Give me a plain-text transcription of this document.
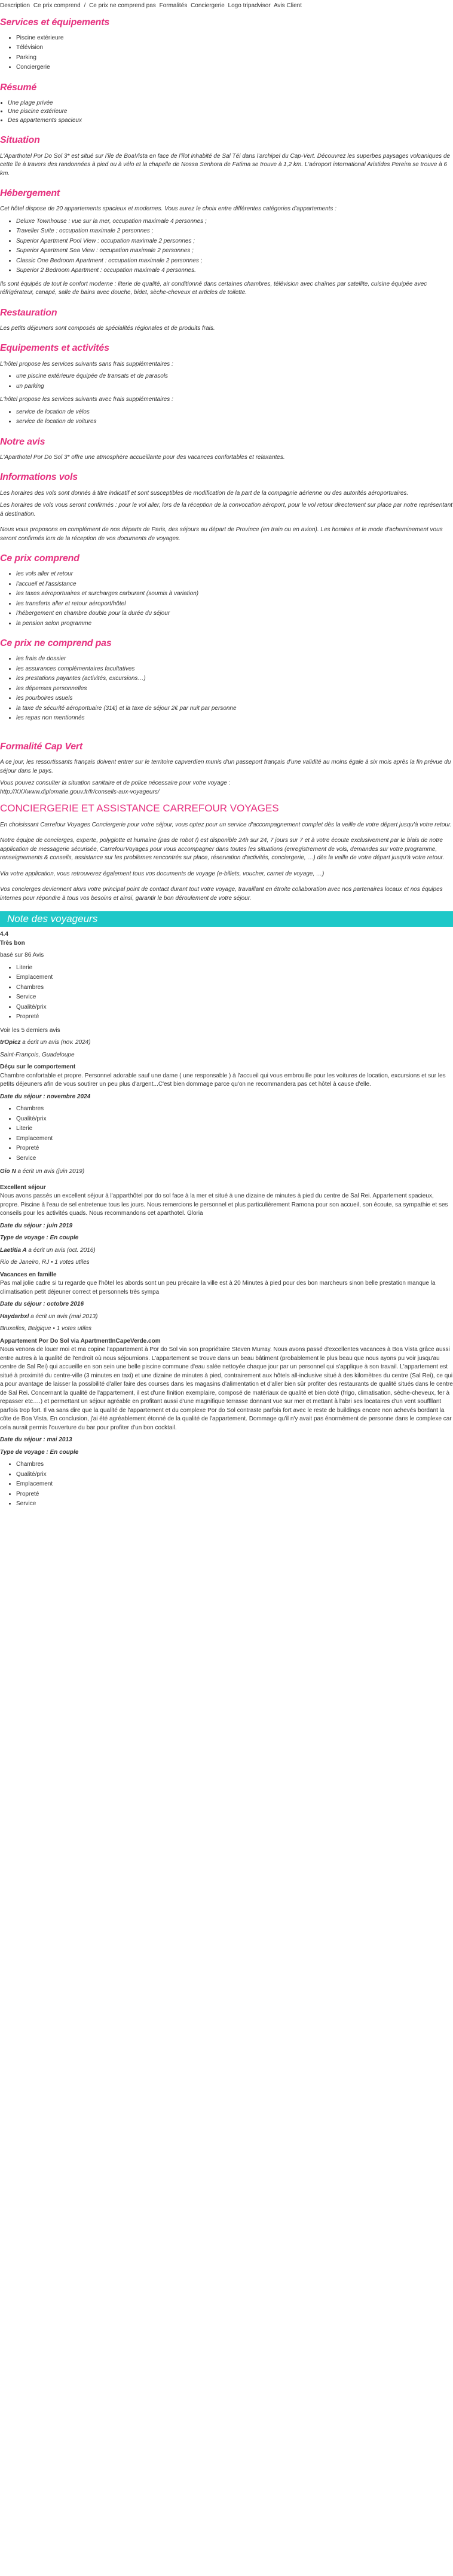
Description Ce prix comprend / Ce prix ne comprend pas Formalités Conciergerie Logo tripadvisor Avis Client
Services et équipements
• Piscine extérieure
• Télévision
• Parking
• Conciergerie
Résumé
• Une plage privée
• Une piscine extérieure
• Des appartements spacieux
Situation

L'Aparthotel Por Do Sol 3* est situé sur l'île de BoaVista en face de l'îlot inhabité de Sal Téi dans l'archipel du Cap-Vert. Découvrez les superbes paysages volcaniques de cette île à travers des randonnées à pied ou à vélo et la chapelle de Nossa Senhora de Fatima se trouve à 1,2 km. L'aéroport international Aristides Pereira se trouve à 6 km.

Hébergement

Cet hôtel dispose de 20 appartements spacieux et modernes. Vous aurez le choix entre différentes catégories d'appartements :

• Deluxe Townhouse : vue sur la mer, occupation maximale 4 personnes ;
• Traveller Suite : occupation maximale 2 personnes ;
• Superior Apartment Pool View : occupation maximale 2 personnes ;
• Superior Apartment Sea View : occupation maximale 2 personnes ;
• Classic One Bedroom Apartment : occupation maximale 2 personnes ;
• Superior 2 Bedroom Apartment : occupation maximale 4 personnes.

Ils sont équipés de tout le confort moderne : literie de qualité, air conditionné dans certaines chambres, télévision avec chaînes par satellite, cuisine équipée avec réfrigérateur, canapé, salle de bains avec douche, bidet, sèche-cheveux et articles de toilette.

Restauration

Les petits déjeuners sont composés de spécialités régionales et de produits frais.

Equipements et activités

L'hôtel propose les services suivants sans frais supplémentaires :

• une piscine extérieure équipée de transats et de parasols
• un parking

L'hôtel propose les services suivants avec frais supplémentaires :

• service de location de vélos
• service de location de voitures
Notre avis

L'Aparthotel Por Do Sol 3* offre une atmosphère accueillante pour des vacances confortables et relaxantes.

Informations vols

Les horaires des vols sont donnés à titre indicatif et sont susceptibles de modification de la part de la compagnie aérienne ou des autorités aéroportuaires.

Les horaires de vols vous seront confirmés : pour le vol aller, lors de la réception de la convocation aéroport, pour le vol retour directement sur place par notre représentant à destination.

Nous vous proposons en complément de nos départs de Paris, des séjours au départ de Province (en train ou en avion). Les horaires et le mode d'acheminement vous seront confirmés lors de la réception de vos documents de voyages.

Ce prix comprend
• les vols aller et retour
• l'accueil et l'assistance
• les taxes aéroportuaires et surcharges carburant (soumis à variation)
• les transferts aller et retour aéroport/hôtel
• l'hébergement en chambre double pour la durée du séjour
• la pension selon programme
Ce prix ne comprend pas
• les frais de dossier
• les assurances complémentaires facultatives
• les prestations payantes (activités, excursions…)
• les dépenses personnelles
• les pourboires usuels
• la taxe de sécurité aéroportuaire (31€) et la taxe de séjour 2€ par nuit par personne
• les repas non mentionnés
Formalité Cap Vert

A ce jour, les ressortissants français doivent entrer sur le territoire capverdien munis d'un passeport français d'une validité au moins égale à six mois après la fin prévue du séjour dans le pays.

Vous pouvez consulter la situation sanitaire et de police nécessaire pour votre voyage :

http://XXXwww.diplomatie.gouv.fr/fr/conseils-aux-voyageurs/

CONCIERGERIE ET ASSISTANCE CARREFOUR VOYAGES

En choisissant Carrefour Voyages Conciergerie pour votre séjour, vous optez pour un service d'accompagnement complet dès la veille de votre départ jusqu'à votre retour.

Notre équipe de concierges, experte, polyglotte et humaine (pas de robot !) est disponible 24h sur 24, 7 jours sur 7 et à votre écoute exclusivement par le biais de notre application de messagerie sécurisée, CarrefourVoyages pour vous accompagner dans toutes les situations (enregistrement de vols, demandes sur votre programme, renseignements & conseils, assistance sur les problèmes rencontrés sur place, réservation d'activités, conciergerie, …) dès la veille de votre départ jusqu'à votre retour.

Via votre application, vous retrouverez également tous vos documents de voyage (e-billets, voucher, carnet de voyage, …)

Vos concierges deviennent alors votre principal point de contact durant tout votre voyage, travaillant en étroite collaboration avec nos partenaires locaux et nos équipes internes pour répondre à tous vos besoins et ainsi, garantir le bon déroulement de votre séjour.

Note des voyageurs
4.4
Très bon

basé sur 86 Avis

• Literie
• Emplacement
• Chambres
• Service
• Qualité/prix
• Propreté

Voir les 5 derniers avis

trOpicz a écrit un avis (nov. 2024)

Saint-François, Guadeloupe

Déçu sur le comportement

Chambre confortable et propre. Personnel adorable sauf une dame ( une responsable ) à l'accueil qui vous embrouille pour les voitures de location, excursions et sur les petits déjeuners afin de vous soutirer un peu plus d'argent...C'est bien dommage parce qu'on ne recommandera pas cet hôtel à cause d'elle.

Date du séjour : novembre 2024

• Chambres
• Qualité/prix
• Literie
• Emplacement
• Propreté
• Service

Gio N a écrit un avis (juin 2019)

Excellent séjour

Nous avons passés un excellent séjour à l'apparthôtel por do sol face à la mer et situé à une dizaine de minutes à pied du centre de Sal Rei. Appartement spacieux, propre. Piscine à l'eau de sel entretenue tous les jours. Nous remercions le personnel et plus particulièrement Ramona pour son accueil, son écoute, sa sympathie et ses conseils pour les activités quads. Nous recommandons cet aparthotel. Gloria

Date du séjour : juin 2019

Type de voyage : En couple

Laetitia A a écrit un avis (oct. 2016)

Rio de Janeiro, RJ • 1 votes utiles

Vacances en famille

Pas mal jolie cadre si tu regarde que l'hôtel les abords sont un peu précaire la ville est à 20 Minutes à pied pour des bon marcheurs sinon belle prestation manque la climatisation petit déjeuner correct et personnels très sympa

Date du séjour : octobre 2016

Haydarbxl a écrit un avis (mai 2013)

Bruxelles, Belgique • 1 votes utiles

Appartement Por Do Sol via ApartmentInCapeVerde.com

Nous venons de louer moi et ma copine l'appartement à Por do Sol via son propriétaire Steven Murray. Nous avons passé d'excellentes vacances à Boa Vista grâce aussi entre autres à la qualité de l'endroit où nous séjournions. L'appartement se trouve dans un beau bâtiment (probablement le plus beau que nous ayons pu voir jusqu'au centre de Sal Rei) qui accueille en son sein une belle piscine commune d'eau salée nettoyée chaque jour par un personnel qui s'applique à son travail. L'appartement est situé à proximité du centre-ville (3 minutes en taxi) et une dizaine de minutes à pied, contrairement aux hôtels all-inclusive situé à des kilomètres du centre (Sal Rei), ce qui a pour avantage de laisser la possibilité d'aller faire des courses dans les magasins d'alimentation et d'aller bien sûr profiter des restaurants de qualité situés dans le centre de Sal Rei. Concernant la qualité de l'appartement, il est d'une finition exemplaire, composé de matériaux de qualité et bien doté (frigo, climatisation, sèche-cheveux, fer à repasser etc….) et permettant un séjour agréable en profitant aussi d'une magnifique terrasse donnant vue sur mer et mettant à l'abri ses locataires d'un vent souffllant parfois trop fort. Il va sans dire que la qualité de l'appartement et du complexe Por do Sol contraste parfois fort avec le reste de buildings encore non achevés bordant la côte de Boa Vista. En conclusion, j'ai été agréablement étonné de la qualité de l'appartement. Dommage qu'il n'y avait pas énormément de personne dans le complexe car cela aurait permis l'ouverture du bar pour profiter d'un bon cocktail.

Date du séjour : mai 2013

Type de voyage : En couple

• Chambres
• Qualité/prix
• Emplacement
• Propreté
• Service
